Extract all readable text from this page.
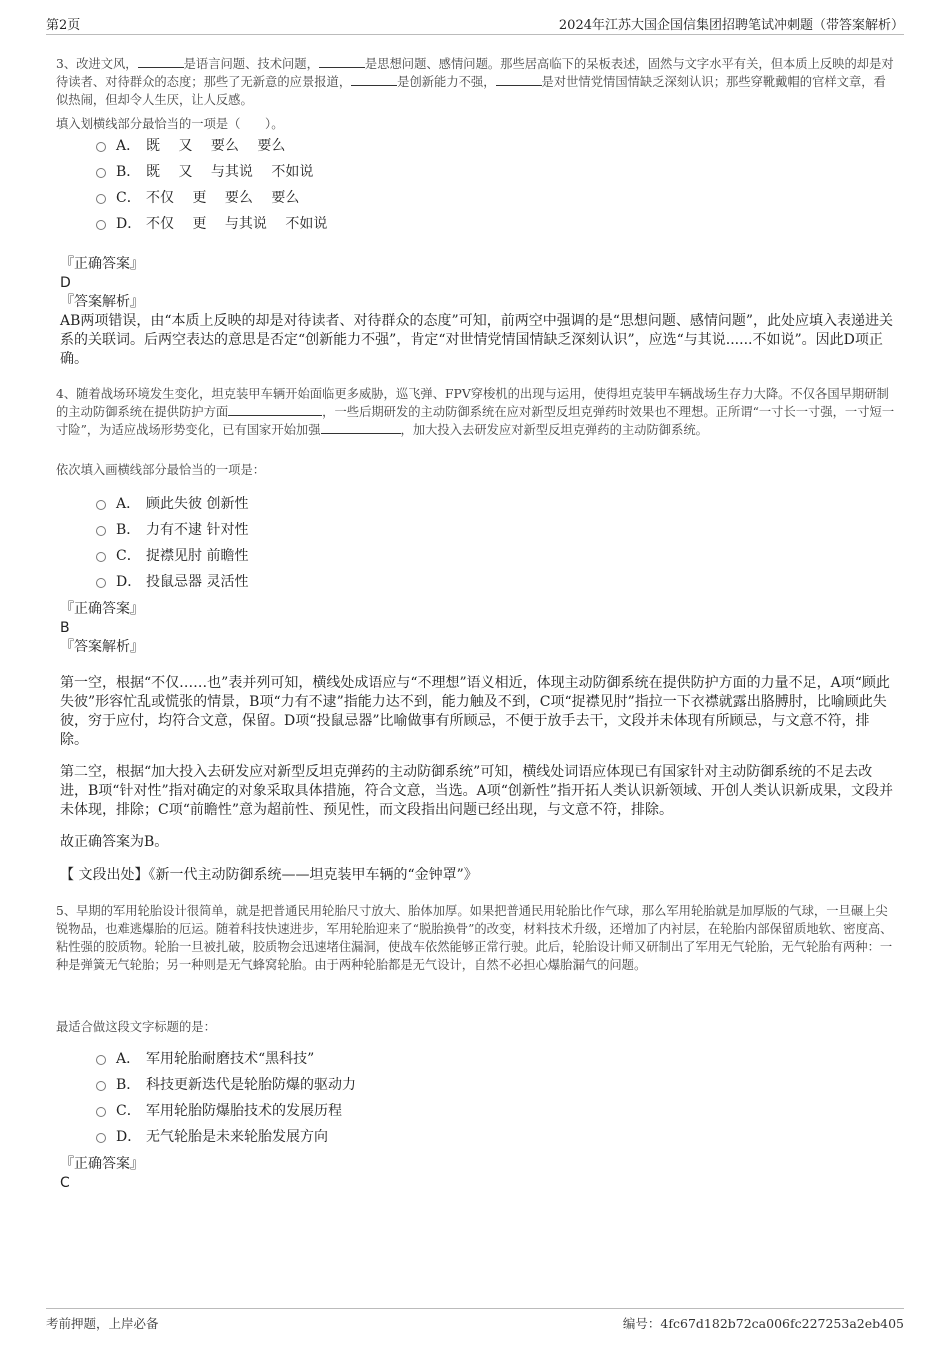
第2页	2024年江苏大国企国信集团招聘笔试冲刺题（带答案解析）
3、改进文风，	是语言问题、技术问题，	是思想问题、感情问题。那些居高临下的呆板表述，固然与文字水平有关，但本质上反映的却是对待读者、对待群众的态度；那些了无新意的应景报道，	是创新能力不强，	是对世情党情国情缺乏深刻认识；那些穿靴戴帽的官样文章，看似热闹，但却令人生厌，让人反感。
填入划横线部分最恰当的一项是（　　）。
A． 既　 又　 要么　 要么
B． 既　 又　 与其说　 不如说
C． 不仅　 更　 要么　 要么
D． 不仅　 更　 与其说　 不如说
『正确答案』
D
『答案解析』

AB两项错误，由“本质上反映的却是对待读者、对待群众的态度”可知，前两空中强调的是“思想问题、感情问题”，此处应填入表递进关系的关联词。后两空表达的意思是否定“创新能力不强”，肯定“对世情党情国情缺乏深刻认识”，应选“与其说......不如说”。因此D项正确。

4、随着战场环境发生变化，坦克装甲车辆开始面临更多威胁，巡飞弹、FPV穿梭机的出现与运用，使得坦克装甲车辆战场生存力大降。不仅各国早期研制的主动防御系统在提供防护方面	，一些后期研发的主动防御系统在应对新型反坦克弹药时效果也不理想。正所谓“一寸长一寸强，一寸短一寸险”，为适应战场形势变化，已有国家开始加强	，加大投入去研发应对新型反坦克弹药的主动防御系统。
依次填入画横线部分最恰当的一项是：
A． 顾此失彼 创新性
B． 力有不逮 针对性
C． 捉襟见肘 前瞻性
D． 投鼠忌器 灵活性
『正确答案』
B
『答案解析』

第一空，根据“不仅……也”表并列可知，横线处成语应与“不理想”语义相近，体现主动防御系统在提供防护方面的力量不足，A项“顾此失彼”形容忙乱或慌张的情景，B项“力有不逮”指能力达不到，能力触及不到，C项“捉襟见肘”指拉一下衣襟就露出胳膊肘，比喻顾此失彼，穷于应付，均符合文意，保留。D项“投鼠忌器”比喻做事有所顾忌，不便于放手去干，文段并未体现有所顾忌，与文意不符，排除。

第二空，根据“加大投入去研发应对新型反坦克弹药的主动防御系统”可知，横线处词语应体现已有国家针对主动防御系统的不足去改进，B项“针对性”指对确定的对象采取具体措施，符合文意，当选。A项“创新性”指开拓人类认识新领域、开创人类认识新成果，文段并未体现，排除；C项“前瞻性”意为超前性、预见性，而文段指出问题已经出现，与文意不符，排除。

故正确答案为B。

【 文段出处】《新一代主动防御系统——坦克装甲车辆的“金钟罩”》

5、早期的军用轮胎设计很简单，就是把普通民用轮胎尺寸放大、胎体加厚。如果把普通民用轮胎比作气球，那么军用轮胎就是加厚版的气球，一旦碾上尖锐物品，也难逃爆胎的厄运。随着科技快速进步，军用轮胎迎来了“脱胎换骨”的改变，材料技术升级，还增加了内衬层，在轮胎内部保留质地软、密度高、粘性强的胶质物。轮胎一旦被扎破，胶质物会迅速堵住漏洞，使战车依然能够正常行驶。此后，轮胎设计师又研制出了军用无气轮胎，无气轮胎有两种：一种是弹簧无气轮胎；另一种则是无气蜂窝轮胎。由于两种轮胎都是无气设计，自然不必担心爆胎漏气的问题。
最适合做这段文字标题的是：
A． 军用轮胎耐磨技术“黑科技”
B． 科技更新迭代是轮胎防爆的驱动力
C． 军用轮胎防爆胎技术的发展历程
D． 无气轮胎是未来轮胎发展方向
『正确答案』
C
考前押题，上岸必备	编号：4fc67d182b72ca006fc227253a2eb405
